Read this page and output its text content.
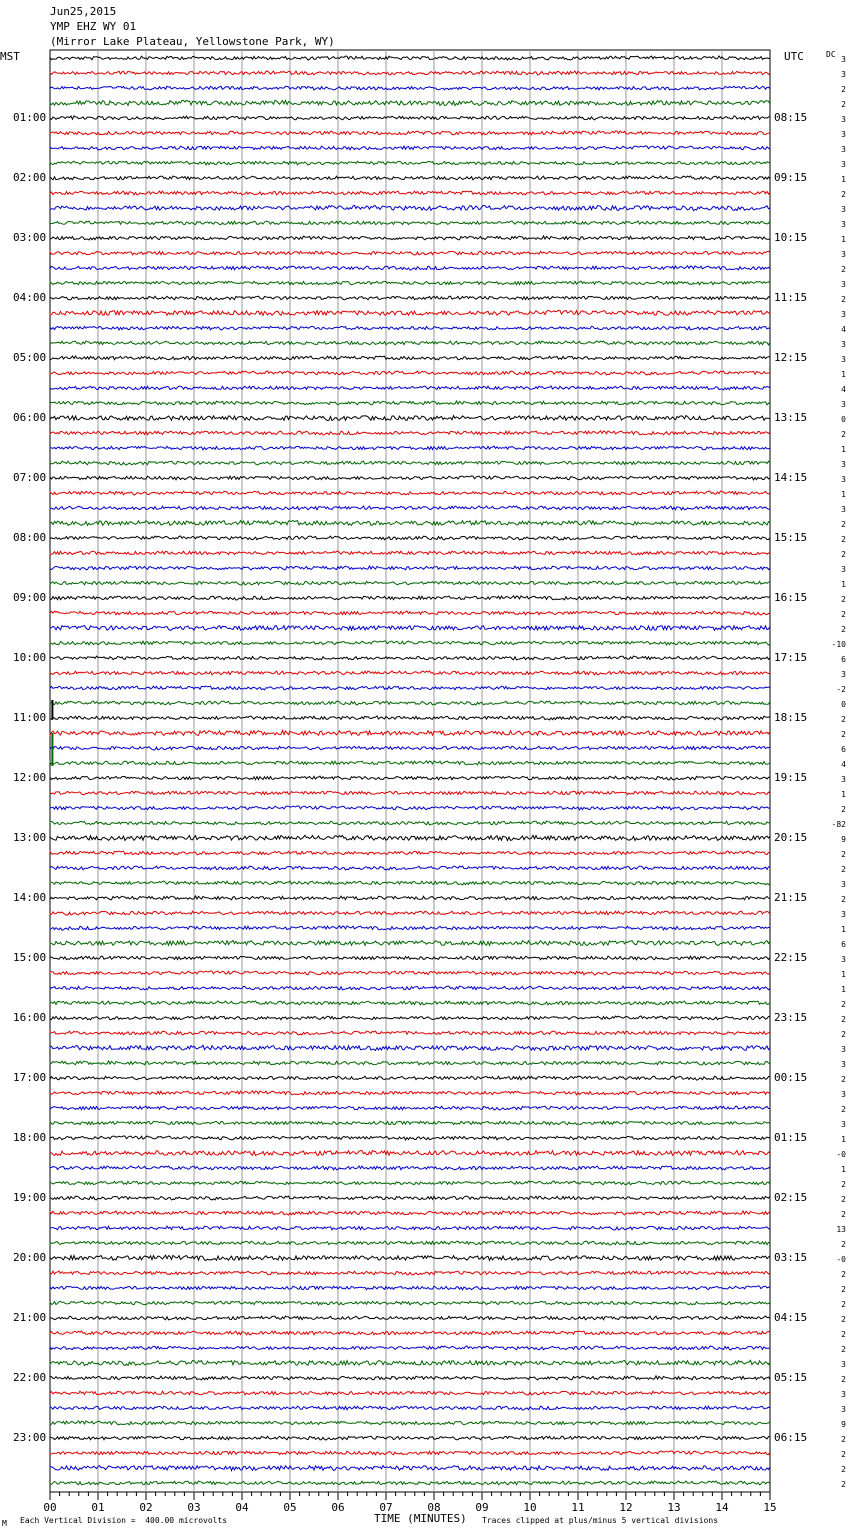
Jun25,2015
YMP EHZ WY 01
(Mirror Lake Plateau, Yellowstone Park, WY)
MST	UTC	DC
00	01	02	03	04	05	06	07	08	09	10	11	12	13	14	15
01:00
02:00
03:00
04:00
05:00
06:00
07:00
08:00
09:00
10:00
11:00
12:00
13:00
14:00
15:00
16:00
17:00
18:00
19:00
20:00
21:00
22:00
23:00
08:15
09:15
10:15
11:15
12:15
13:15
14:15
15:15
16:15
17:15
18:15
19:15
20:15
21:15
22:15
23:15
00:15
01:15
02:15
03:15
04:15
05:15
06:15
3
3
2
2
3
3
3
3
1
2
3
3
1
3
2
3
2
3
4
3
3
1
4
3
0
2
1
3
3
1
3
2
2
2
3
1
2
2
2
-10
6
3
-2
0
2
2
6
4
3
1
2
-82
9
2
2
3
2
3
1
6
3
1
1
2
2
2
3
3
2
3
2
3
1
-0
1
2
2
2
13
2
-0
2
2
2
2
2
2
3
2
3
3
9
2
2
2
2
M Each Vertical Division =  400.00 microvolts	TIME (MINUTES) Traces clipped at plus/minus 5 vertical divisions
